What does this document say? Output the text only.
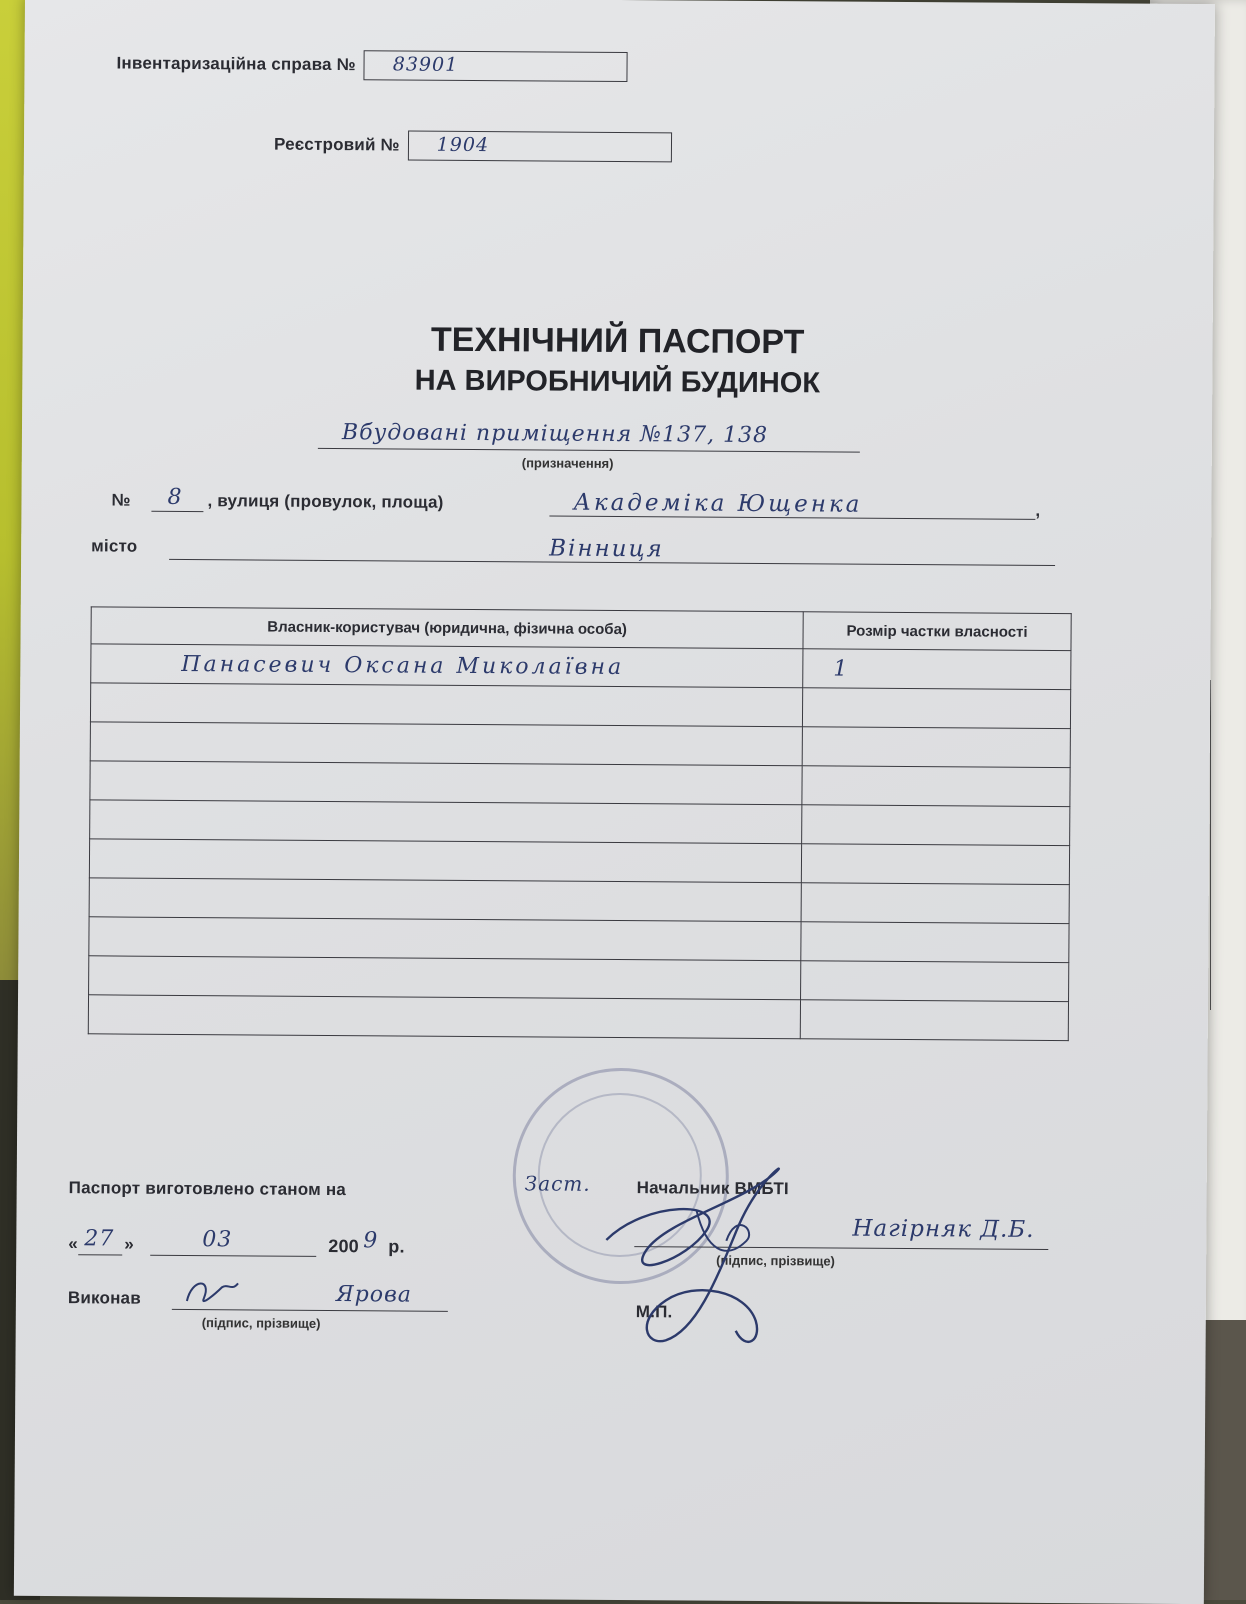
Інвентаризаційна справа № 83901
Реєстровий № 1904
ТЕХНІЧНИЙ ПАСПОРТ
НА ВИРОБНИЧИЙ БУДИНОК
Вбудовані приміщення №137, 138
(призначення)
№ 8 , вулиця (провулок, площа)	Академіка Ющенка	,
місто	Вінниця
Власник-користувач (юридична, фізична особа)	Розмір частки власності
Панасевич Оксана Миколаївна	1

Паспорт виготовлено станом на
« 27 »	03	200 9 р.
Виконав	Ярова
(підпис, прізвище)
Заст.	Начальник ВМБТІ
Нагірняк Д.Б.
(підпис, прізвище)
М.П.
